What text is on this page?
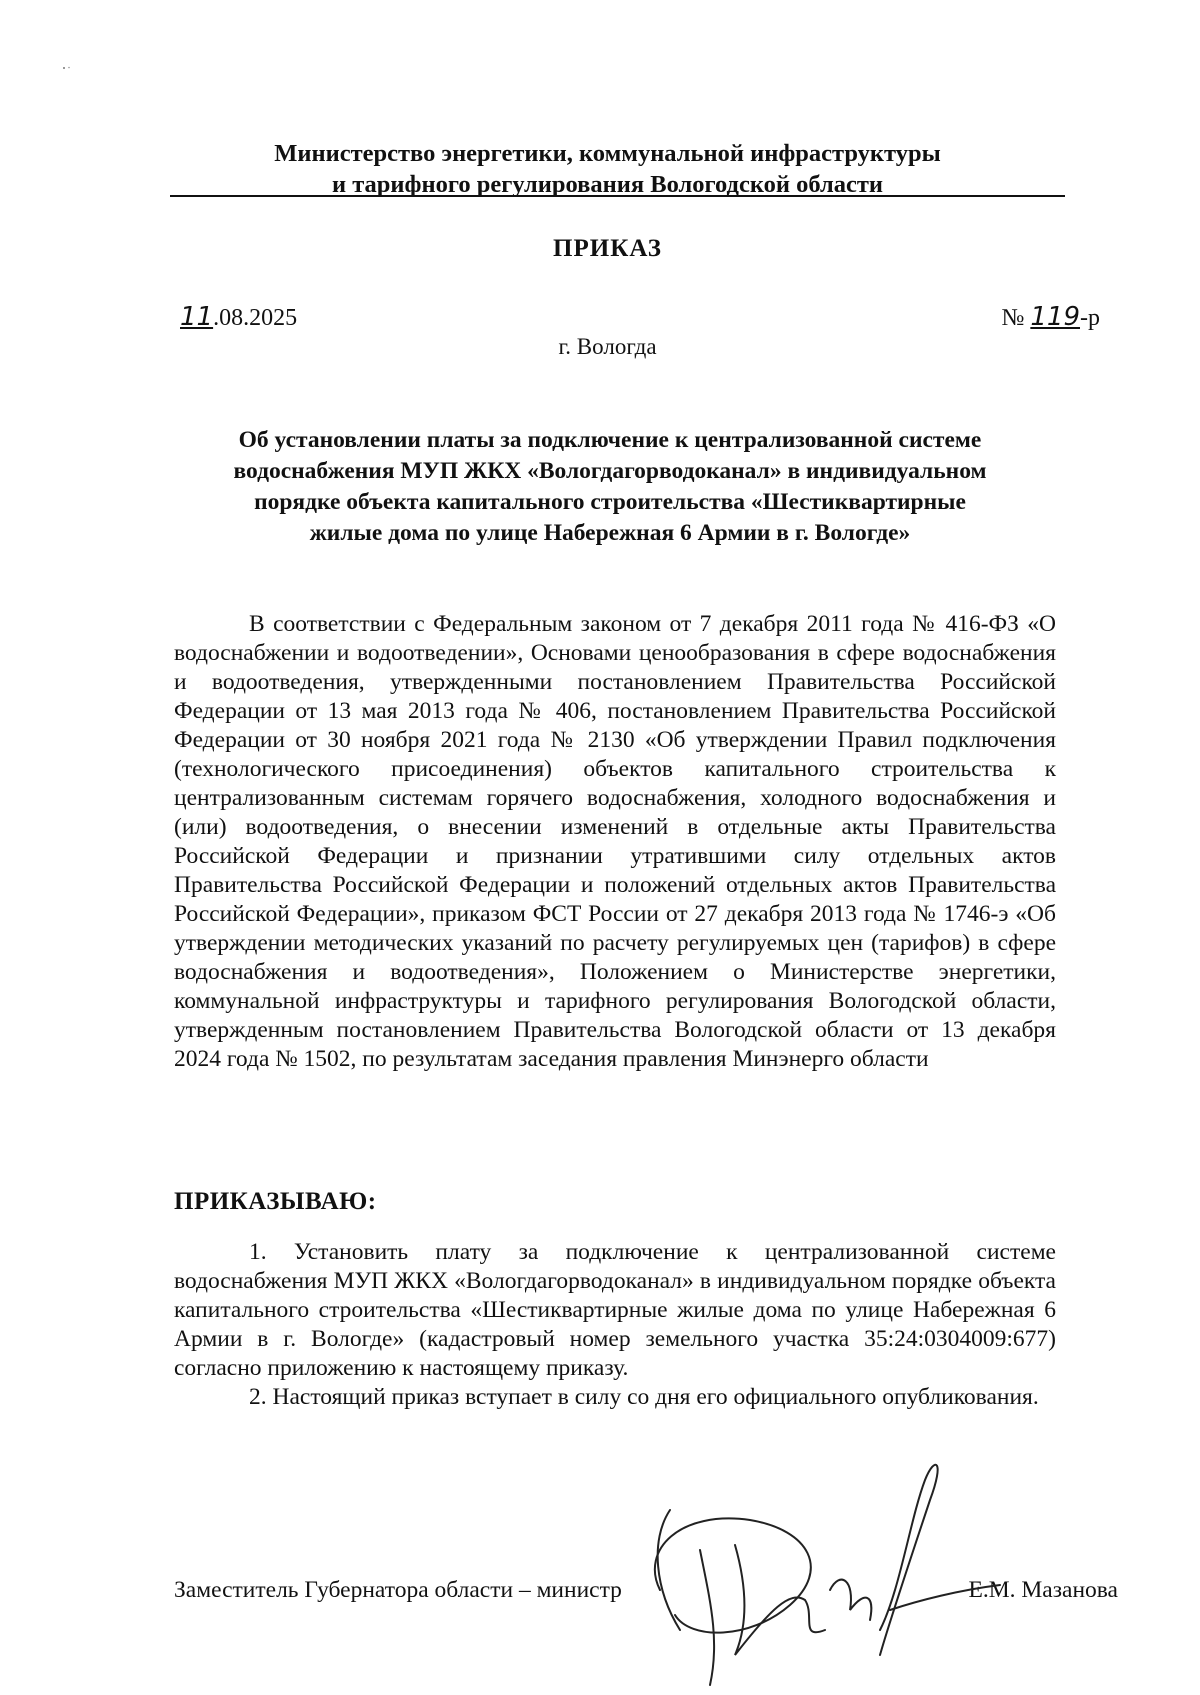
Министерство энергетики, коммунальной инфраструктуры
и тарифного регулирования Вологодской области
ПРИКАЗ
11.08.2025	№ 119-р
г. Вологда
Об установлении платы за подключение к централизованной системе
водоснабжения МУП ЖКХ «Вологдагорводоканал» в индивидуальном
порядке объекта капитального строительства «Шестиквартирные
жилые дома по улице Набережная 6 Армии в г. Вологде»

В соответствии с Федеральным законом от 7 декабря 2011 года № 416-ФЗ «О водоснабжении и водоотведении», Основами ценообразования в сфере водоснабжения и водоотведения, утвержденными постановлением Правительства Российской Федерации от 13 мая 2013 года № 406, постановлением Правительства Российской Федерации от 30 ноября 2021 года № 2130 «Об утверждении Правил подключения (технологического присоединения) объектов капитального строительства к централизованным системам горячего водоснабжения, холодного водоснабжения и (или) водоотведения, о внесении изменений в отдельные акты Правительства Российской Федерации и признании утратившими силу отдельных актов Правительства Российской Федерации и положений отдельных актов Правительства Российской Федерации», приказом ФСТ России от 27 декабря 2013 года № 1746-э «Об утверждении методических указаний по расчету регулируемых цен (тарифов) в сфере водоснабжения и водоотведения», Положением о Министерстве энергетики, коммунальной инфраструктуры и тарифного регулирования Вологодской области, утвержденным постановлением Правительства Вологодской области от 13 декабря 2024 года № 1502, по результатам заседания правления Минэнерго области

ПРИКАЗЫВАЮ:

1. Установить плату за подключение к централизованной системе водоснабжения МУП ЖКХ «Вологдагорводоканал» в индивидуальном порядке объекта капитального строительства «Шестиквартирные жилые дома по улице Набережная 6 Армии в г. Вологде» (кадастровый номер земельного участка 35:24:0304009:677) согласно приложению к настоящему приказу.

2. Настоящий приказ вступает в силу со дня его официального опубликования.

Заместитель Губернатора области – министр	Е.М. Мазанова
